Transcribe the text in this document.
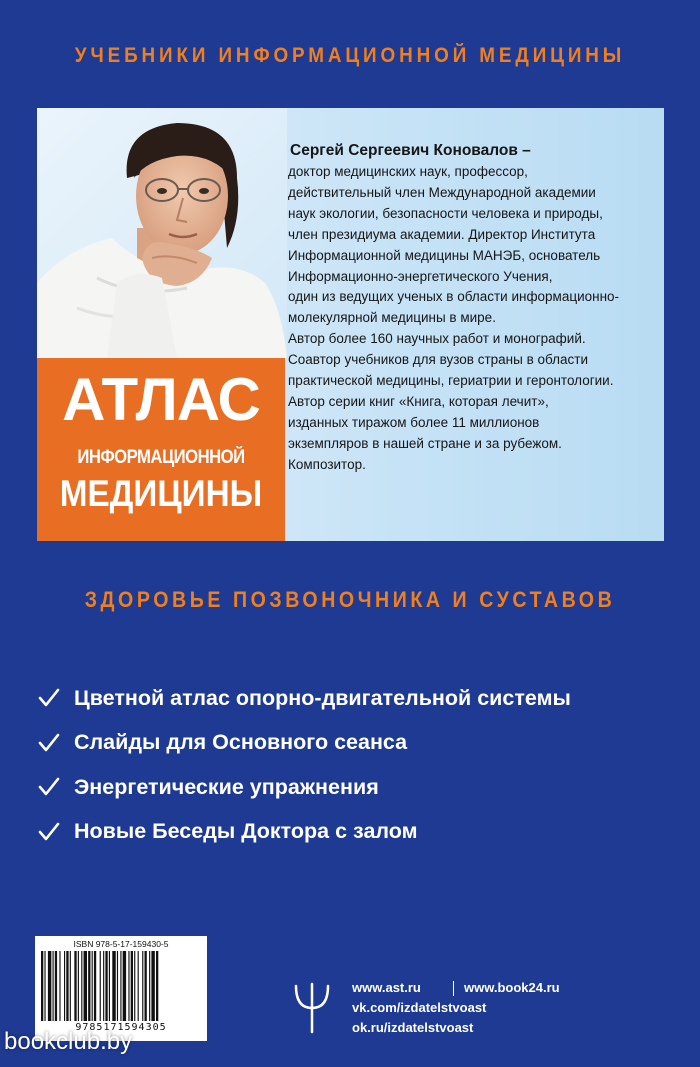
УЧЕБНИКИ ИНФОРМАЦИОННОЙ МЕДИЦИНЫ
АТЛАС
ИНФОРМАЦИОННОЙ
МЕДИЦИНЫ
Сергей Сергеевич Коновалов –
доктор медицинских наук, профессор,
действительный член Международной академии
наук экологии, безопасности человека и природы,
член президиума академии. Директор Института
Информационной медицины МАНЭБ, основатель
Информационно-энергетического Учения,
один из ведущих ученых в области информационно-
молекулярной медицины в мире.
Автор более 160 научных работ и монографий.
Соавтор учебников для вузов страны в области
практической медицины, гериатрии и геронтологии.
Автор серии книг «Книга, которая лечит»,
изданных тиражом более 11 миллионов
экземпляров в нашей стране и за рубежом.
Композитор.
ЗДОРОВЬЕ ПОЗВОНОЧНИКА И СУСТАВОВ
Цветной атлас опорно-двигательной системы
Слайды для Основного сеанса
Энергетические упражнения
Новые Беседы Доктора с залом
ISBN 978-5-17-159430-5
9785171594305
bookclub.by
www.ast.ru
vk.com/izdatelstvoast
ok.ru/izdatelstvoast
www.book24.ru
